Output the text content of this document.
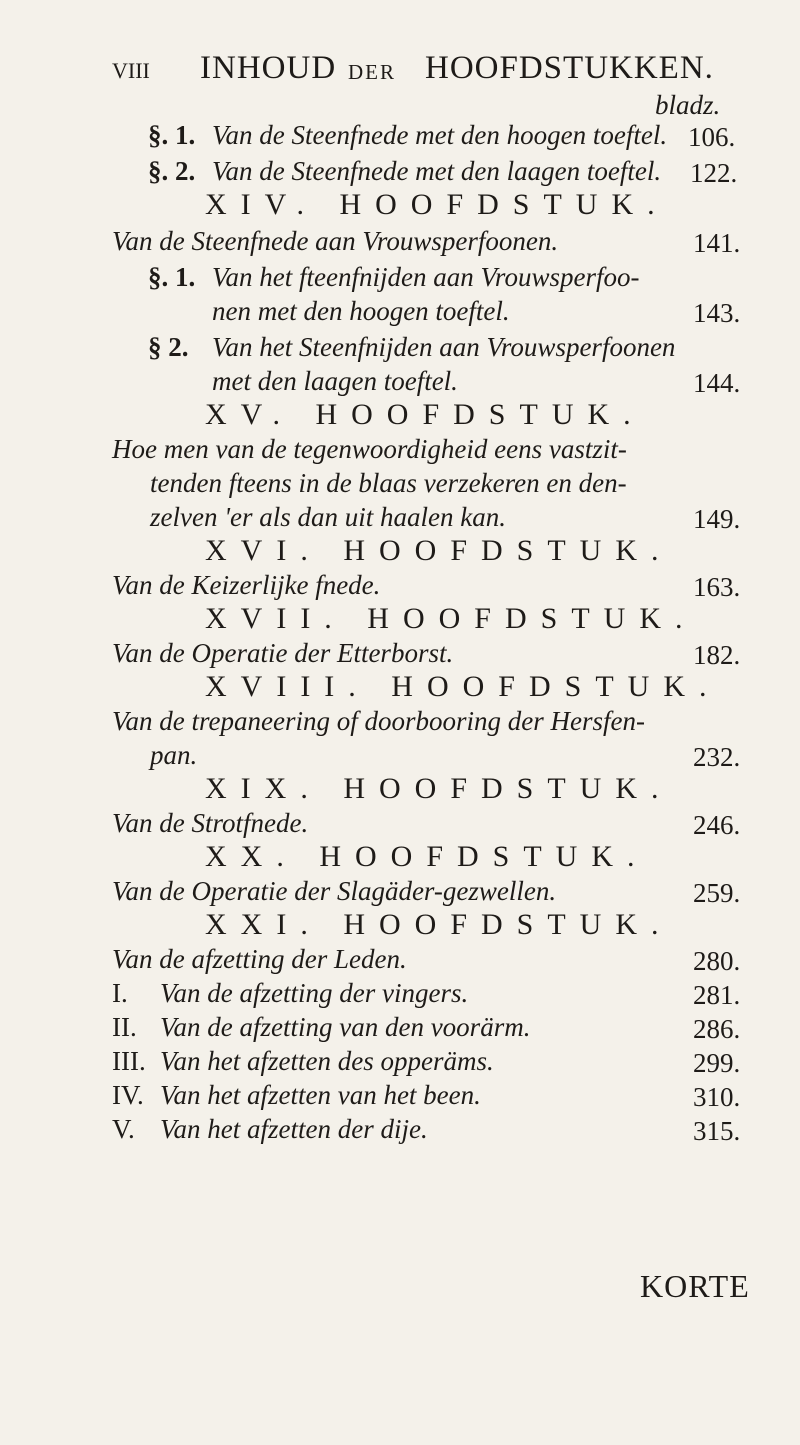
VIII INHOUD DER HOOFDSTUKKEN.
bladz.
§. 1. Van de Steenfnede met den hoogen toeftel. 106.
§. 2. Van de Steenfnede met den laagen toeftel. 122.
XIV. HOOFDSTUK.
Van de Steenfnede aan Vrouwsperfoonen.	141.
§. 1. Van het fteenfnijden aan Vrouwsperfoo-
nen met den hoogen toeftel.	143.
§ 2. Van het Steenfnijden aan Vrouwsperfoonen
met den laagen toeftel.	144.
XV. HOOFDSTUK.
Hoe men van de tegenwoordigheid eens vastzit-
tenden fteens in de blaas verzekeren en den-
zelven 'er als dan uit haalen kan.	149.
XVI. HOOFDSTUK.
Van de Keizerlijke fnede.	163.
XVII. HOOFDSTUK.
Van de Operatie der Etterborst.	182.
XVIII. HOOFDSTUK.
Van de trepaneering of doorbooring der Hersfen-
pan.	232.
XIX. HOOFDSTUK.
Van de Strotfnede.	246.
XX. HOOFDSTUK.
Van de Operatie der Slagäder-gezwellen.	259.
XXI. HOOFDSTUK.
Van de afzetting der Leden.	280.
I. Van de afzetting der vingers.	281.
II. Van de afzetting van den voorärm.	286.
III. Van het afzetten des opperäms.	299.
IV. Van het afzetten van het been.	310.
V. Van het afzetten der dije.	315.
KORTE
